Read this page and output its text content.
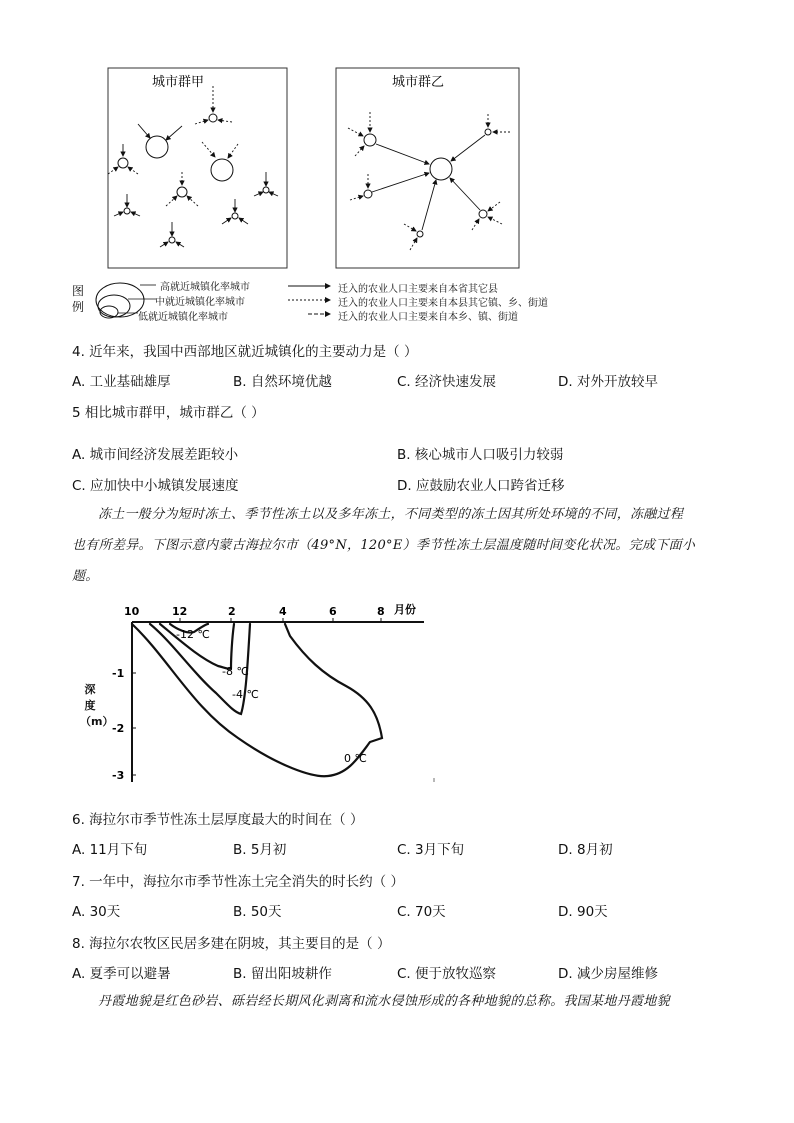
城市群甲	城市群乙
图例
高就近城镇化率城市
中就近城镇化率城市
低就近城镇化率城市
迁入的农业人口主要来自本省其它县
迁入的农业人口主要来自本县其它镇、乡、街道
迁入的农业人口主要来自本乡、镇、街道
4. 近年来，我国中西部地区就近城镇化的主要动力是（ ）
A. 工业基础雄厚	B. 自然环境优越	C. 经济快速发展	D. 对外开放较早
5 相比城市群甲，城市群乙（ ）
A. 城市间经济发展差距较小	B. 核心城市人口吸引力较弱
C. 应加快中小城镇发展速度	D. 应鼓励农业人口跨省迁移
冻土一般分为短时冻土、季节性冻土以及多年冻土，不同类型的冻土因其所处环境的不同，冻融过程
也有所差异。下图示意内蒙古海拉尔市（49°N，120°E）季节性冻土层温度随时间变化状况。完成下面小
题。
10	12	2	4	6	8 月份
-1
-2
-3
-12 ℃
-8 ℃
-4 ℃
0 ℃
深度 （m）
6. 海拉尔市季节性冻土层厚度最大的时间在（ ）
A. 11月下旬	B. 5月初	C. 3月下旬	D. 8月初
7. 一年中，海拉尔市季节性冻土完全消失的时长约（ ）
A. 30天	B. 50天	C. 70天	D. 90天
8. 海拉尔农牧区民居多建在阴坡，其主要目的是（ ）
A. 夏季可以避暑	B. 留出阳坡耕作	C. 便于放牧巡察	D. 减少房屋维修
丹霞地貌是红色砂岩、砾岩经长期风化剥离和流水侵蚀形成的各种地貌的总称。我国某地丹霞地貌
